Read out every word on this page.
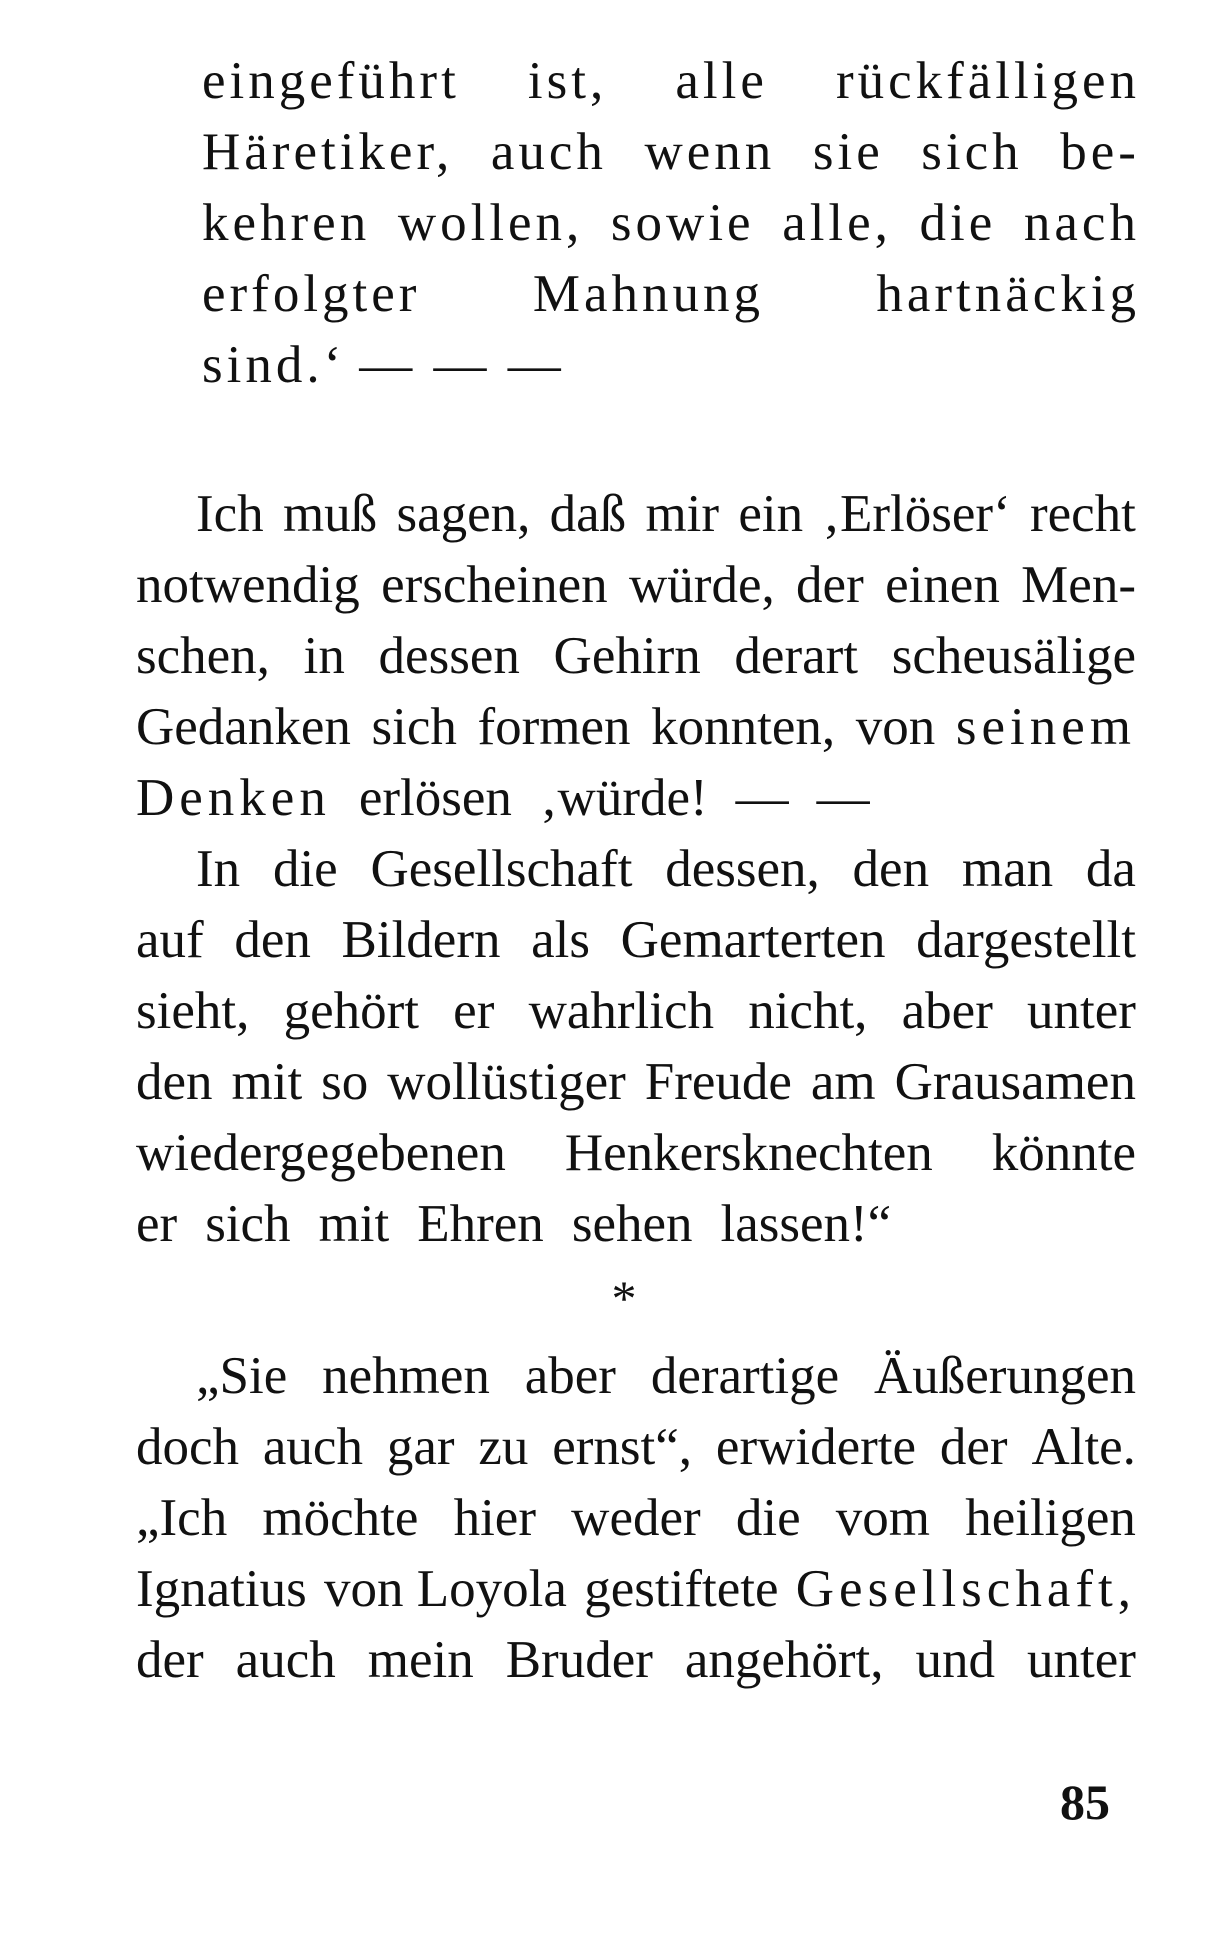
eingeführt ist, alle rückfälligen
Häretiker, auch wenn sie sich be-
kehren wollen, sowie alle, die nach
erfolgter Mahnung hartnäckig
sind.‘ — — —
Ich muß sagen, daß mir ein ‚Erlöser‘ recht
notwendig erscheinen würde, der einen Men-
schen, in dessen Gehirn derart scheusälige
Gedanken sich formen konnten, von seinem
Denken erlösen ‚würde! — —
In die Gesellschaft dessen, den man da
auf den Bildern als Gemarterten dargestellt
sieht, gehört er wahrlich nicht, aber unter
den mit so wollüstiger Freude am Grausamen
wiedergegebenen Henkersknechten könnte
er sich mit Ehren sehen lassen!“
*
„Sie nehmen aber derartige Äußerungen
doch auch gar zu ernst“, erwiderte der Alte.
„Ich möchte hier weder die vom heiligen
Ignatius von Loyola gestiftete Gesellschaft,
der auch mein Bruder angehört, und unter
85
